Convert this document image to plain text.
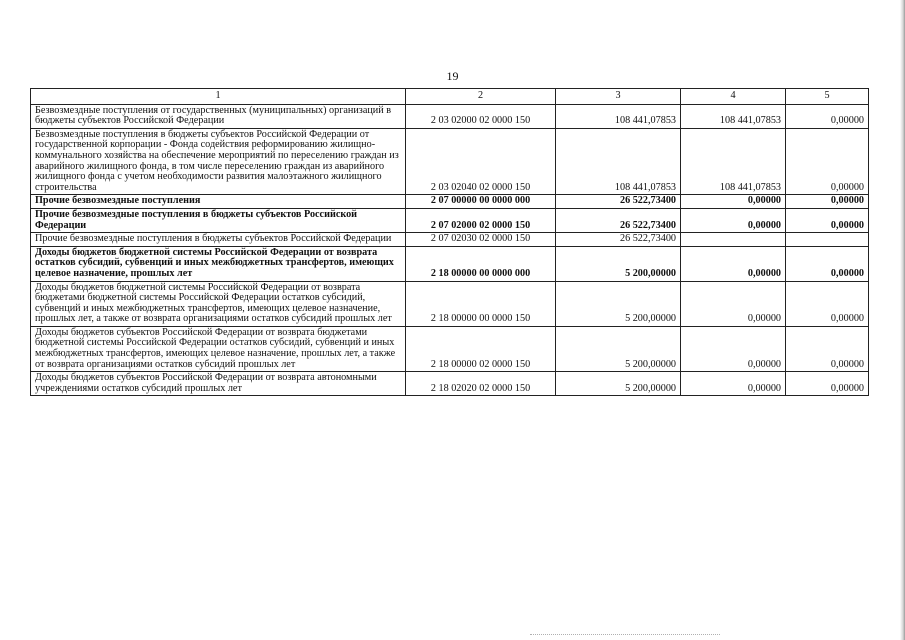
19
1	2	3	4	5
Безвозмездные поступления от государственных (муниципальных) организаций в бюджеты субъектов Российской Федерации	2 03 02000 02 0000 150	108 441,07853	108 441,07853	0,00000
Безвозмездные поступления в бюджеты субъектов Российской Федерации от государственной корпорации - Фонда содействия реформированию жилищно-коммунального хозяйства на обеспечение мероприятий по переселению граждан из аварийного жилищного фонда, в том числе переселению граждан из аварийного жилищного фонда с учетом необходимости развития малоэтажного жилищного строительства	2 03 02040 02 0000 150	108 441,07853	108 441,07853	0,00000
Прочие безвозмездные поступления	2 07 00000 00 0000 000	26 522,73400	0,00000	0,00000
Прочие безвозмездные поступления в бюджеты субъектов Российской Федерации	2 07 02000 02 0000 150	26 522,73400	0,00000	0,00000
Прочие безвозмездные поступления в бюджеты субъектов Российской Федерации	2 07 02030 02 0000 150	26 522,73400		
Доходы бюджетов бюджетной системы Российской Федерации от возврата остатков субсидий, субвенций и иных межбюджетных трансфертов, имеющих целевое назначение, прошлых лет	2 18 00000 00 0000 000	5 200,00000	0,00000	0,00000
Доходы бюджетов бюджетной системы Российской Федерации от возврата бюджетами бюджетной системы Российской Федерации остатков субсидий, субвенций и иных межбюджетных трансфертов, имеющих целевое назначение, прошлых лет, а также от возврата организациями остатков субсидий прошлых лет	2 18 00000 00 0000 150	5 200,00000	0,00000	0,00000
Доходы бюджетов субъектов Российской Федерации от возврата бюджетами бюджетной системы Российской Федерации остатков субсидий, субвенций и иных межбюджетных трансфертов, имеющих целевое назначение, прошлых лет, а также от возврата организациями остатков субсидий прошлых лет	2 18 00000 02 0000 150	5 200,00000	0,00000	0,00000
Доходы бюджетов субъектов Российской Федерации от возврата автономными учреждениями остатков субсидий прошлых лет	2 18 02020 02 0000 150	5 200,00000	0,00000	0,00000
